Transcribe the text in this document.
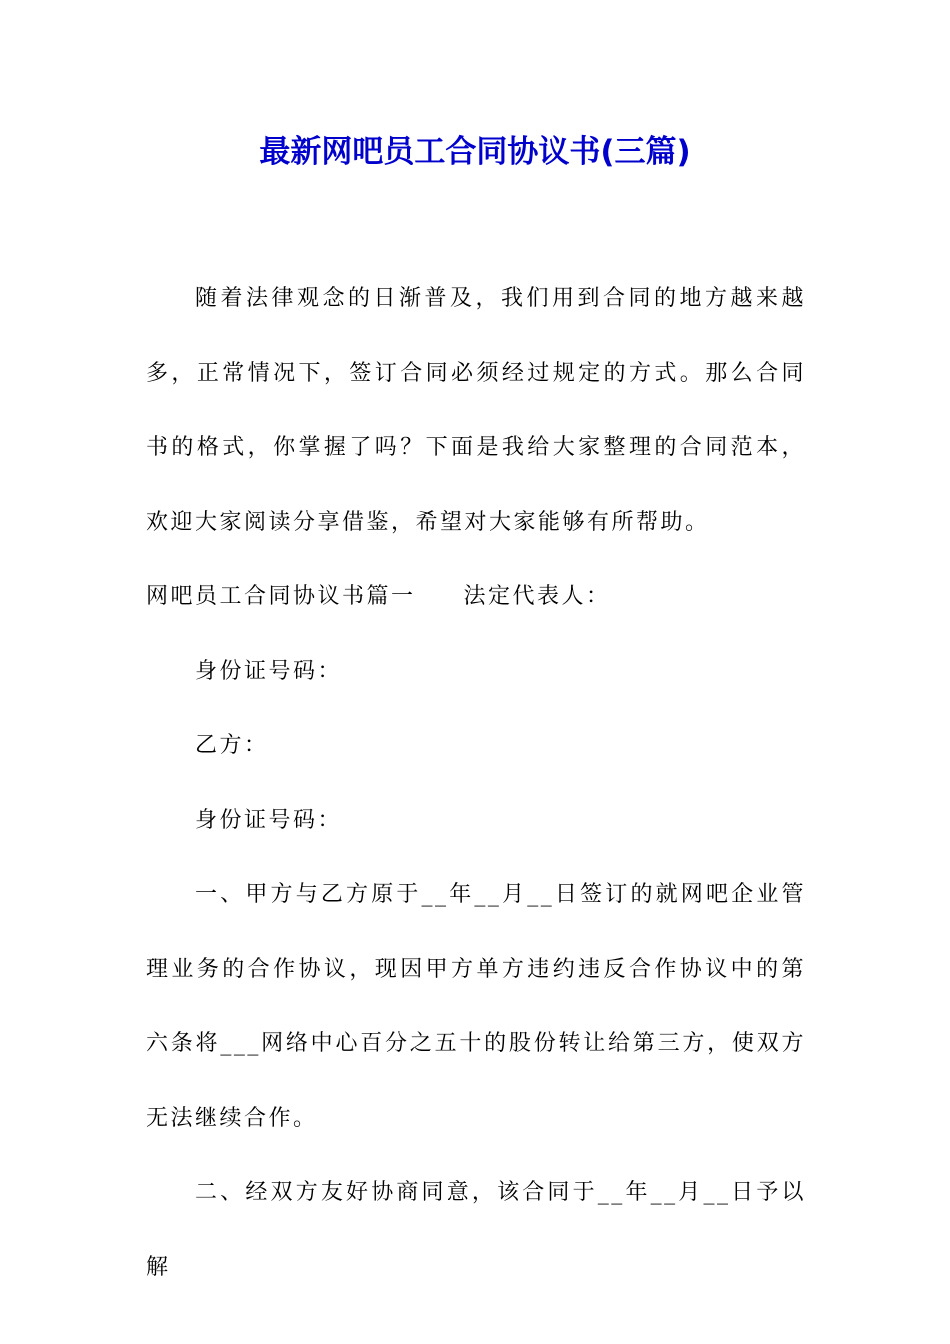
最新网吧员工合同协议书(三篇)

随着法律观念的日渐普及，我们用到合同的地方越来越多，正常情况下，签订合同必须经过规定的方式。那么合同书的格式，你掌握了吗？下面是我给大家整理的合同范本，欢迎大家阅读分享借鉴，希望对大家能够有所帮助。

网吧员工合同协议书篇一 法定代表人：

身份证号码：

乙方：

身份证号码：

一、甲方与乙方原于__年__月__日签订的就网吧企业管理业务的合作协议，现因甲方单方违约违反合作协议中的第六条将___网络中心百分之五十的股份转让给第三方，使双方无法继续合作。

二、经双方友好协商同意，该合同于__年__月__日予以解
